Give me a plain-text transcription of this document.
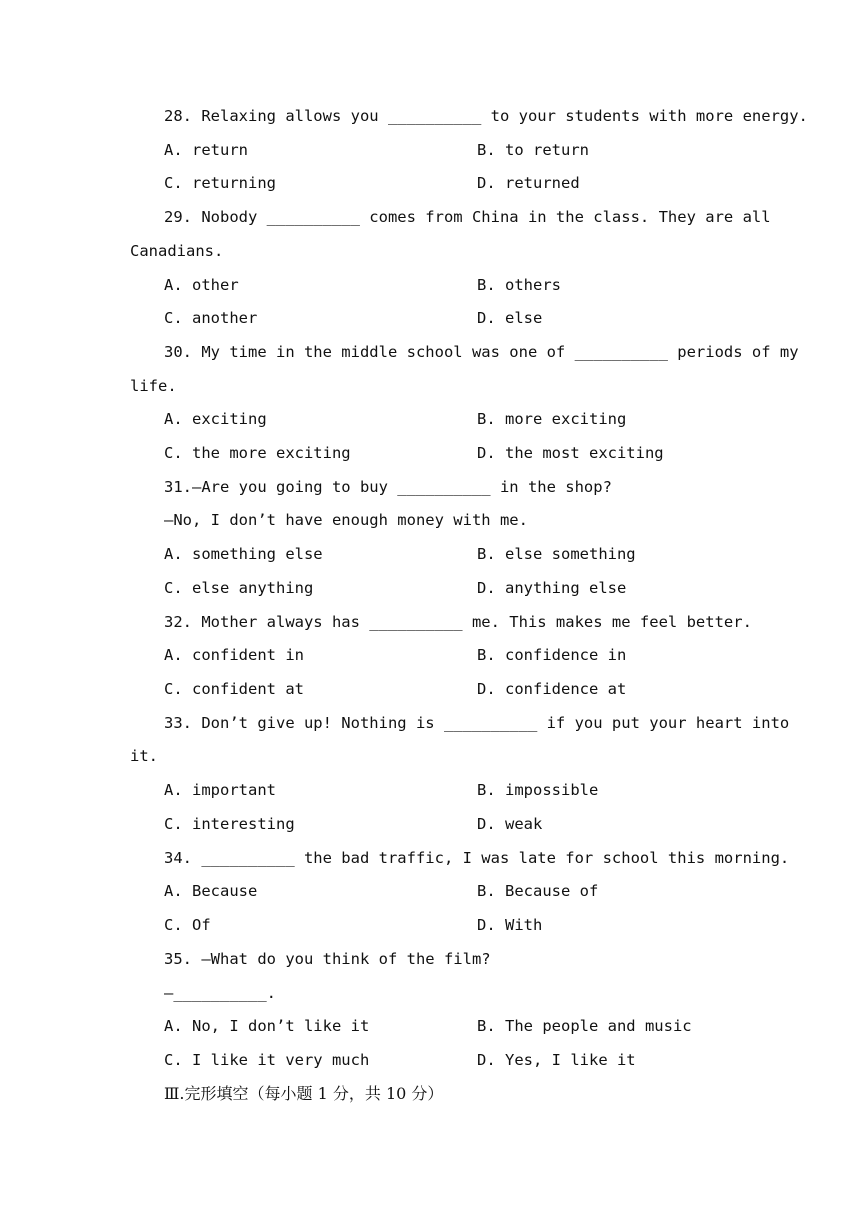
28. Relaxing allows you __________ to your students with more energy.
A. return	B. to return
C. returning	D. returned
29. Nobody __________ comes from China in the class. They are all
Canadians.
A. other	B. others
C. another	D. else
30. My time in the middle school was one of __________ periods of my
life.
A. exciting	B. more exciting
C. the more exciting	D. the most exciting
31.—Are you going to buy __________ in the shop?
—No, I don’t have enough money with me.
A. something else	B. else something
C. else anything	D. anything else
32. Mother always has __________ me. This makes me feel better.
A. confident in	B. confidence in
C. confident at	D. confidence at
33. Don’t give up! Nothing is __________ if you put your heart into
it.
A. important	B. impossible
C. interesting	D. weak
34. __________ the bad traffic, I was late for school this morning.
A. Because	B. Because of
C. Of	D. With
35. —What do you think of the film?
—__________.
A. No, I don’t like it	B. The people and music
C. I like it very much	D. Yes, I like it
Ⅲ.完形填空（每小题 1 分，共 10 分）
